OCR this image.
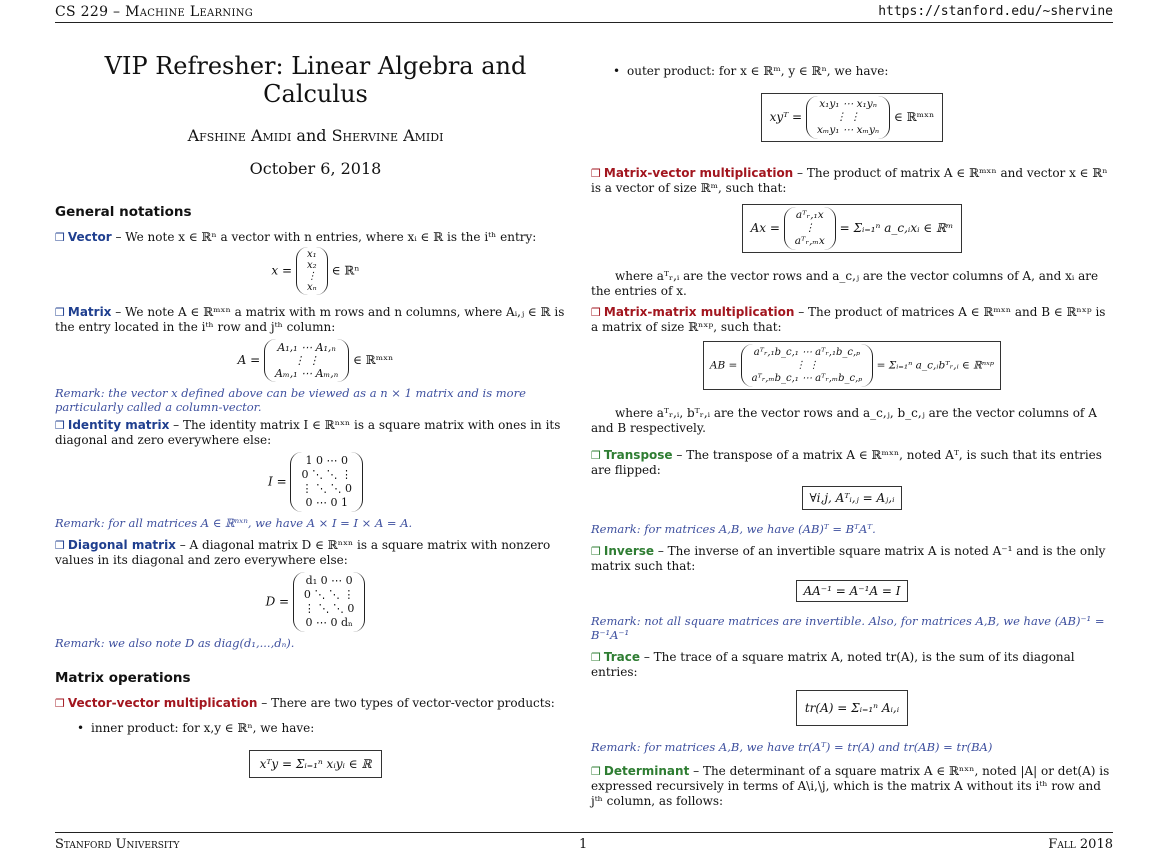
CS 229 – Machine Learning	https://stanford.edu/~shervine
VIP Refresher: Linear Algebra and Calculus
Afshine Amidi and Shervine Amidi
October 6, 2018
General notations

❒ Vector – We note x ∈ ℝⁿ a vector with n entries, where xᵢ ∈ ℝ is the iᵗʰ entry:

x =
x₁
x₂
⋮
xₙ
∈ ℝⁿ

❒ Matrix – We note A ∈ ℝᵐˣⁿ a matrix with m rows and n columns, where Aᵢ,ⱼ ∈ ℝ is the entry located in the iᵗʰ row and jᵗʰ column:

A =
A₁,₁ ⋯ A₁,ₙ
⋮ ⋮
Aₘ,₁ ⋯ Aₘ,ₙ
∈ ℝᵐˣⁿ

Remark: the vector x defined above can be viewed as a n × 1 matrix and is more particularly called a column-vector.

❒ Identity matrix – The identity matrix I ∈ ℝⁿˣⁿ is a square matrix with ones in its diagonal and zero everywhere else:

I =
1 0 ⋯ 0
0 ⋱ ⋱ ⋮
⋮ ⋱ ⋱ 0
0 ⋯ 0 1

Remark: for all matrices A ∈ ℝⁿˣⁿ, we have A × I = I × A = A.

❒ Diagonal matrix – A diagonal matrix D ∈ ℝⁿˣⁿ is a square matrix with nonzero values in its diagonal and zero everywhere else:

D =
d₁ 0 ⋯ 0
0 ⋱ ⋱ ⋮
⋮ ⋱ ⋱ 0
0 ⋯ 0 dₙ

Remark: we also note D as diag(d₁,...,dₙ).

Matrix operations

❒ Vector-vector multiplication – There are two types of vector-vector products:

• inner product: for x,y ∈ ℝⁿ, we have:
xᵀy = Σᵢ₌₁ⁿ xᵢyᵢ ∈ ℝ
• outer product: for x ∈ ℝᵐ, y ∈ ℝⁿ, we have:
xyᵀ =
x₁y₁ ⋯ x₁yₙ
⋮ ⋮
xₘy₁ ⋯ xₘyₙ
∈ ℝᵐˣⁿ

❒ Matrix-vector multiplication – The product of matrix A ∈ ℝᵐˣⁿ and vector x ∈ ℝⁿ is a vector of size ℝᵐ, such that:

Ax =
aᵀᵣ,₁x
⋮
aᵀᵣ,ₘx
= Σᵢ₌₁ⁿ a_c,ᵢxᵢ ∈ ℝᵐ

where aᵀᵣ,ᵢ are the vector rows and a_c,ⱼ are the vector columns of A, and xᵢ are the entries of x.

❒ Matrix-matrix multiplication – The product of matrices A ∈ ℝᵐˣⁿ and B ∈ ℝⁿˣᵖ is a matrix of size ℝⁿˣᵖ, such that:

AB =
aᵀᵣ,₁b_c,₁ ⋯ aᵀᵣ,₁b_c,ₚ
⋮ ⋮
aᵀᵣ,ₘb_c,₁ ⋯ aᵀᵣ,ₘb_c,ₚ
= Σᵢ₌₁ⁿ a_c,ᵢbᵀᵣ,ᵢ ∈ ℝⁿˣᵖ

where aᵀᵣ,ᵢ, bᵀᵣ,ᵢ are the vector rows and a_c,ⱼ, b_c,ⱼ are the vector columns of A and B respectively.

❒ Transpose – The transpose of a matrix A ∈ ℝᵐˣⁿ, noted Aᵀ, is such that its entries are flipped:

∀i,j, Aᵀᵢ,ⱼ = Aⱼ,ᵢ

Remark: for matrices A,B, we have (AB)ᵀ = BᵀAᵀ.

❒ Inverse – The inverse of an invertible square matrix A is noted A⁻¹ and is the only matrix such that:

AA⁻¹ = A⁻¹A = I

Remark: not all square matrices are invertible. Also, for matrices A,B, we have (AB)⁻¹ = B⁻¹A⁻¹

❒ Trace – The trace of a square matrix A, noted tr(A), is the sum of its diagonal entries:

tr(A) = Σᵢ₌₁ⁿ Aᵢ,ᵢ

Remark: for matrices A,B, we have tr(Aᵀ) = tr(A) and tr(AB) = tr(BA)

❒ Determinant – The determinant of a square matrix A ∈ ℝⁿˣⁿ, noted |A| or det(A) is expressed recursively in terms of A\i,\j, which is the matrix A without its iᵗʰ row and jᵗʰ column, as follows:

Stanford University	1	Fall 2018
